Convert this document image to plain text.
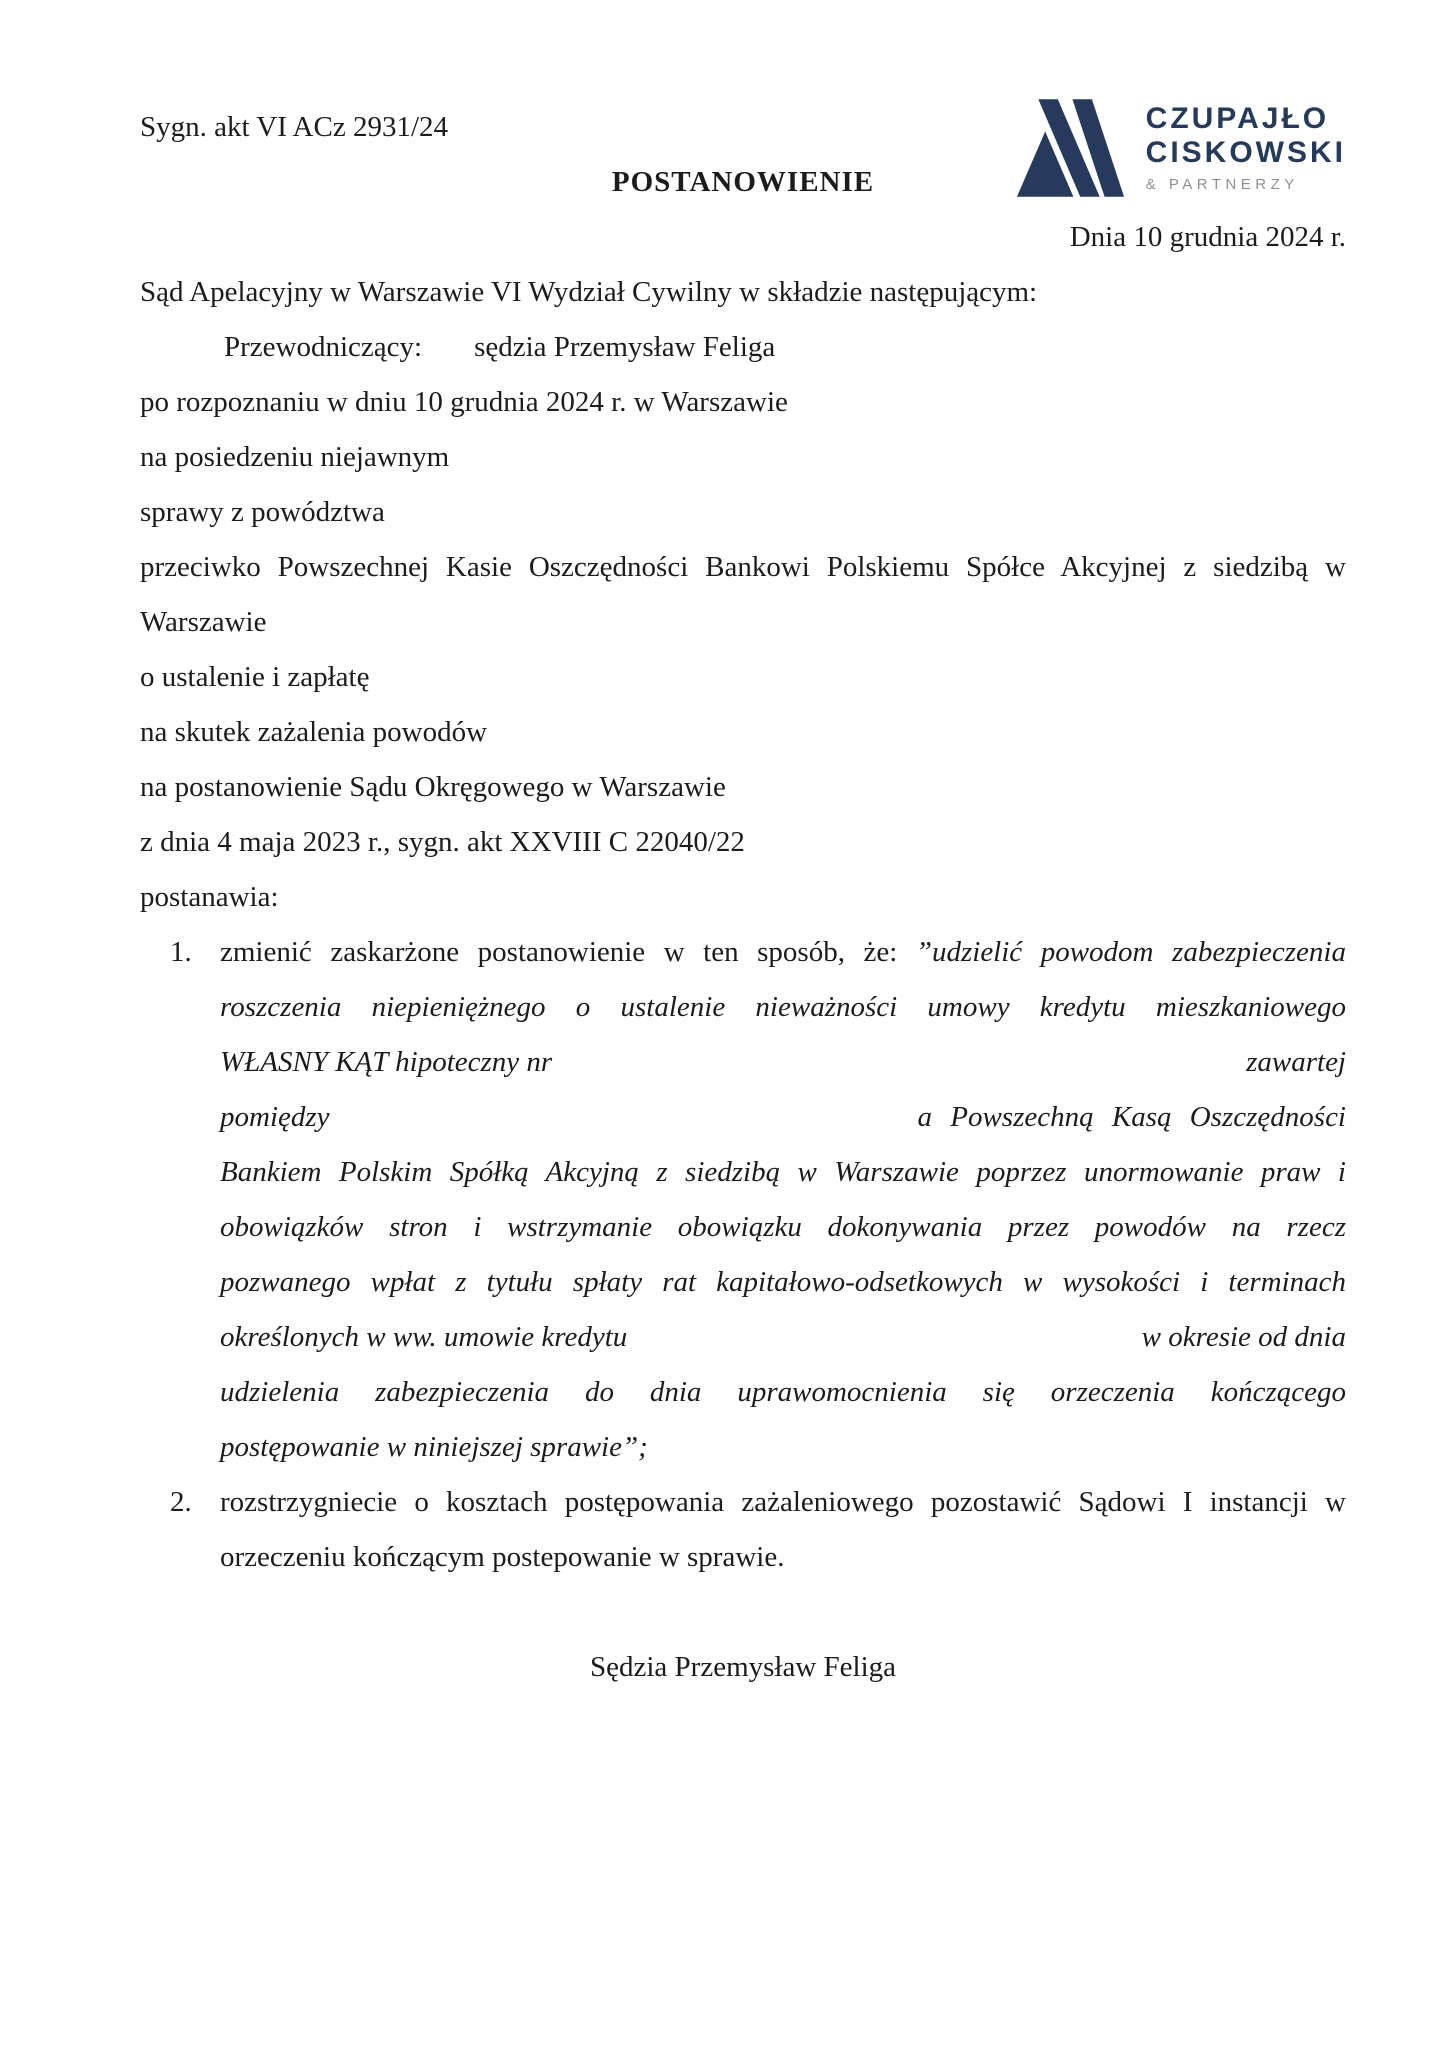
CZUPAJŁO
CISKOWSKI
& PARTNERZY
Sygn. akt VI ACz 2931/24
POSTANOWIENIE
Dnia 10 grudnia 2024 r.
Sąd Apelacyjny w Warszawie VI Wydział Cywilny w składzie następującym:
Przewodniczący: sędzia Przemysław Feliga
po rozpoznaniu w dniu 10 grudnia 2024 r. w Warszawie
na posiedzeniu niejawnym
sprawy z powództwa
przeciwko Powszechnej Kasie Oszczędności Bankowi Polskiemu Spółce Akcyjnej z siedzibą w
Warszawie
o ustalenie i zapłatę
na skutek zażalenia powodów
na postanowienie Sądu Okręgowego w Warszawie
z dnia 4 maja 2023 r., sygn. akt XXVIII C 22040/22
postanawia:
1. zmienić zaskarżone postanowienie w ten sposób, że: ”udzielić powodom zabezpieczenia
roszczenia niepieniężnego o ustalenie nieważności umowy kredytu mieszkaniowego
WŁASNY KĄT hipoteczny nr	zawartej
pomiędzy	a Powszechną Kasą Oszczędności
Bankiem Polskim Spółką Akcyjną z siedzibą w Warszawie poprzez unormowanie praw i
obowiązków stron i wstrzymanie obowiązku dokonywania przez powodów na rzecz
pozwanego wpłat z tytułu spłaty rat kapitałowo-odsetkowych w wysokości i terminach
określonych w ww. umowie kredytu	w okresie od dnia
udzielenia zabezpieczenia do dnia uprawomocnienia się orzeczenia kończącego
postępowanie w niniejszej sprawie”;
2. rozstrzygniecie o kosztach postępowania zażaleniowego pozostawić Sądowi I instancji w
orzeczeniu kończącym postepowanie w sprawie.
Sędzia Przemysław Feliga
